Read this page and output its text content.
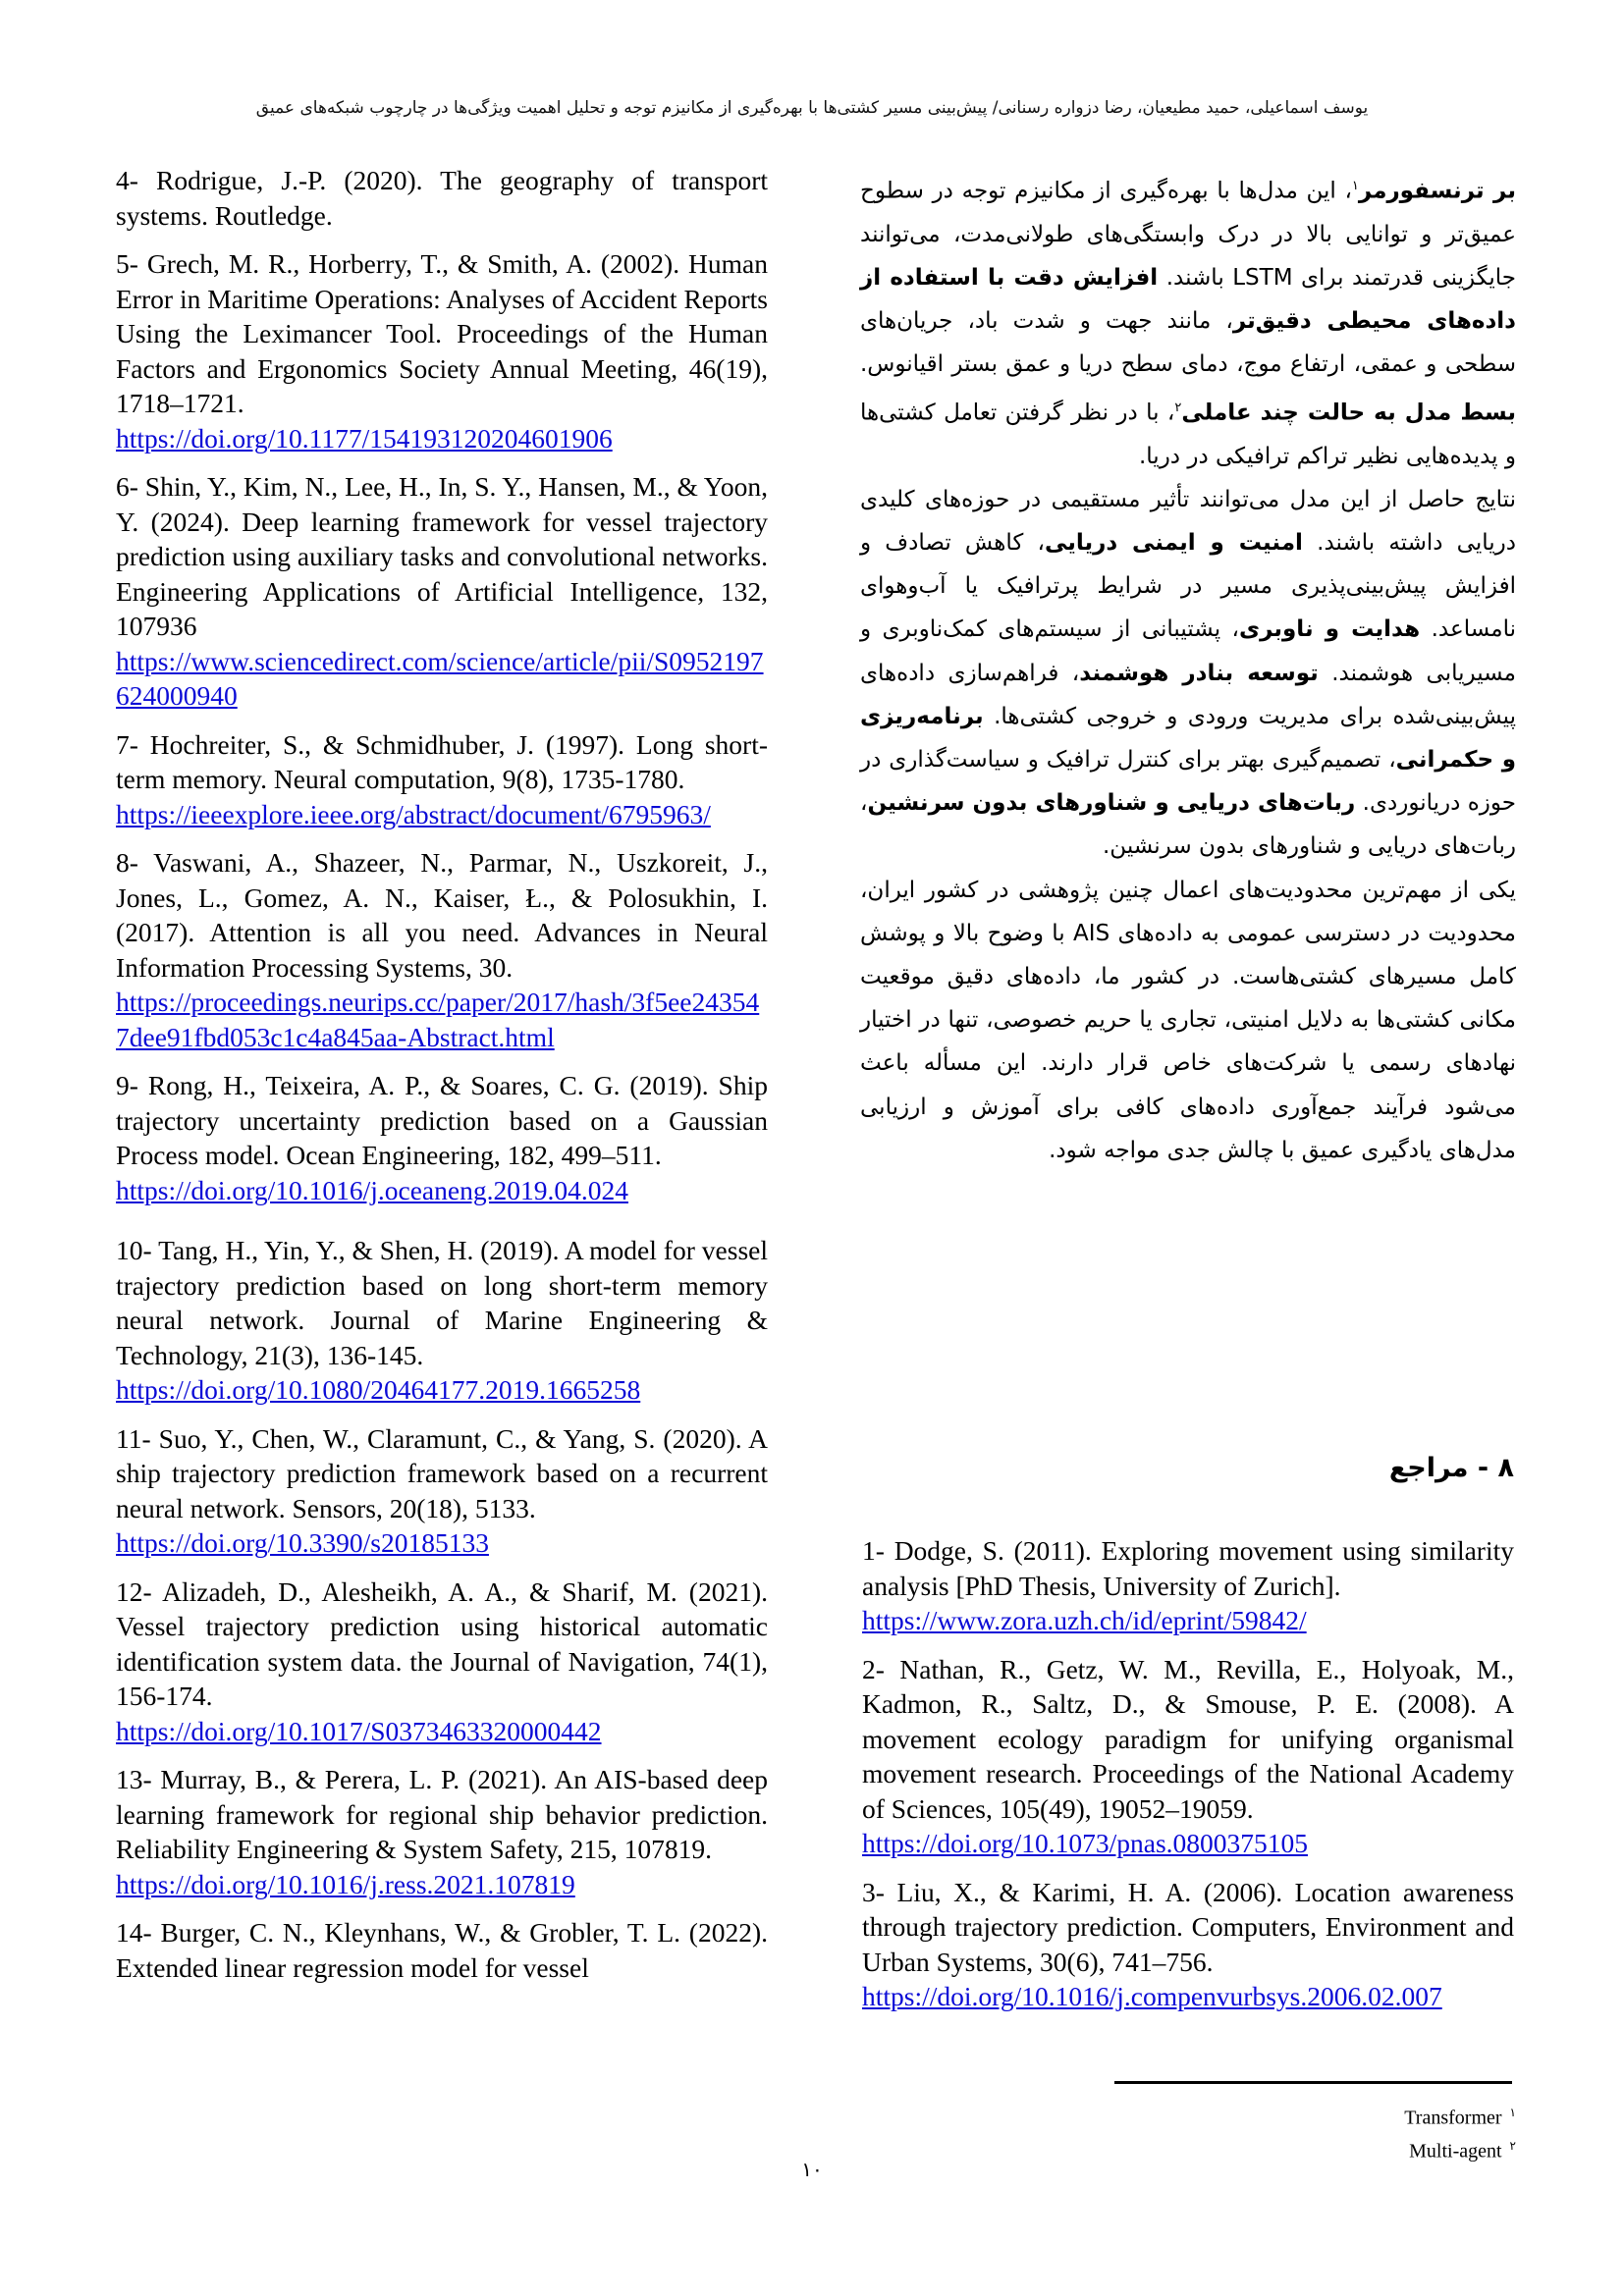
یوسف اسماعیلی، حمید مطیعیان، رضا دزواره رسنانی/ پیش‌بینی مسیر کشتی‌ها با بهره‌گیری از مکانیزم توجه و تحلیل اهمیت ویژگی‌ها در چارچوب شبکه‌های عمیق
4- Rodrigue, J.-P. (2020). The geography of transport systems. Routledge.
5- Grech, M. R., Horberry, T., & Smith, A. (2002). Human Error in Maritime Operations: Analyses of Accident Reports Using the Leximancer Tool. Proceedings of the Human Factors and Ergonomics Society Annual Meeting, 46(19), 1718–1721.
https://doi.org/10.1177/154193120204601906
6- Shin, Y., Kim, N., Lee, H., In, S. Y., Hansen, M., & Yoon, Y. (2024). Deep learning framework for vessel trajectory prediction using auxiliary tasks and convolutional networks. Engineering Applications of Artificial Intelligence, 132, 107936
https://www.sciencedirect.com/science/article/pii/S0952197624000940
7- Hochreiter, S., & Schmidhuber, J. (1997). Long short-term memory. Neural computation, 9(8), 1735-1780.
https://ieeexplore.ieee.org/abstract/document/6795963/
8- Vaswani, A., Shazeer, N., Parmar, N., Uszkoreit, J., Jones, L., Gomez, A. N., Kaiser, Ł., & Polosukhin, I. (2017). Attention is all you need. Advances in Neural Information Processing Systems, 30.
https://proceedings.neurips.cc/paper/2017/hash/3f5ee243547dee91fbd053c1c4a845aa-Abstract.html
9- Rong, H., Teixeira, A. P., & Soares, C. G. (2019). Ship trajectory uncertainty prediction based on a Gaussian Process model. Ocean Engineering, 182, 499–511.
https://doi.org/10.1016/j.oceaneng.2019.04.024
10- Tang, H., Yin, Y., & Shen, H. (2019). A model for vessel trajectory prediction based on long short-term memory neural network. Journal of Marine Engineering & Technology, 21(3), 136-145.
https://doi.org/10.1080/20464177.2019.1665258
11- Suo, Y., Chen, W., Claramunt, C., & Yang, S. (2020). A ship trajectory prediction framework based on a recurrent neural network. Sensors, 20(18), 5133.
https://doi.org/10.3390/s20185133
12- Alizadeh, D., Alesheikh, A. A., & Sharif, M. (2021). Vessel trajectory prediction using historical automatic identification system data. the Journal of Navigation, 74(1), 156-174.
https://doi.org/10.1017/S0373463320000442
13- Murray, B., & Perera, L. P. (2021). An AIS-based deep learning framework for regional ship behavior prediction. Reliability Engineering & System Safety, 215, 107819.
https://doi.org/10.1016/j.ress.2021.107819
14- Burger, C. N., Kleynhans, W., & Grobler, T. L. (2022). Extended linear regression model for vessel

بر ترنسفورمر$^۱$، این مدل‌ها با بهره‌گیری از مکانیزم توجه در سطوح عمیق‌تر و توانایی بالا در درک وابستگی‌های طولانی‌مدت، می‌توانند جایگزینی قدرتمند برای LSTM باشند. افزایش دقت با استفاده از داده‌های محیطی دقیق‌تر، مانند جهت و شدت باد، جریان‌های سطحی و عمقی، ارتفاع موج، دمای سطح دریا و عمق بستر اقیانوس. بسط مدل به حالت چند عاملی$^۲$، با در نظر گرفتن تعامل کشتی‌ها و پدیده‌هایی نظیر تراکم ترافیکی در دریا.

نتایج حاصل از این مدل می‌توانند تأثیر مستقیمی در حوزه‌های کلیدی دریایی داشته باشند. امنیت و ایمنی دریایی، کاهش تصادف و افزایش پیش‌بینی‌پذیری مسیر در شرایط پرترافیک یا آب‌وهوای نامساعد. هدایت و ناوبری، پشتیبانی از سیستم‌های کمک‌ناوبری و مسیریابی هوشمند. توسعه بنادر هوشمند، فراهم‌سازی داده‌های پیش‌بینی‌شده برای مدیریت ورودی و خروجی کشتی‌ها. برنامه‌ریزی و حکمرانی، تصمیم‌گیری بهتر برای کنترل ترافیک و سیاست‌گذاری در حوزه دریانوردی. ربات‌های دریایی و شناورهای بدون سرنشین، ربات‌های دریایی و شناورهای بدون سرنشین.

یکی از مهم‌ترین محدودیت‌های اعمال چنین پژوهشی در کشور ایران، محدودیت در دسترسی عمومی به داده‌های AIS با وضوح بالا و پوشش کامل مسیرهای کشتی‌هاست. در کشور ما، داده‌های دقیق موقعیت مکانی کشتی‌ها به دلایل امنیتی، تجاری یا حریم خصوصی، تنها در اختیار نهادهای رسمی یا شرکت‌های خاص قرار دارند. این مسأله باعث می‌شود فرآیند جمع‌آوری داده‌های کافی برای آموزش و ارزیابی مدل‌های یادگیری عمیق با چالش جدی مواجه شود.

۸ - مراجع
1- Dodge, S. (2011). Exploring movement using similarity analysis [PhD Thesis, University of Zurich].
https://www.zora.uzh.ch/id/eprint/59842/
2- Nathan, R., Getz, W. M., Revilla, E., Holyoak, M., Kadmon, R., Saltz, D., & Smouse, P. E. (2008). A movement ecology paradigm for unifying organismal movement research. Proceedings of the National Academy of Sciences, 105(49), 19052–19059.
https://doi.org/10.1073/pnas.0800375105
3- Liu, X., & Karimi, H. A. (2006). Location awareness through trajectory prediction. Computers, Environment and Urban Systems, 30(6), 741–756.
https://doi.org/10.1016/j.compenvurbsys.2006.02.007
Transformer $^۱$
Multi-agent $^۲$
۱۰
